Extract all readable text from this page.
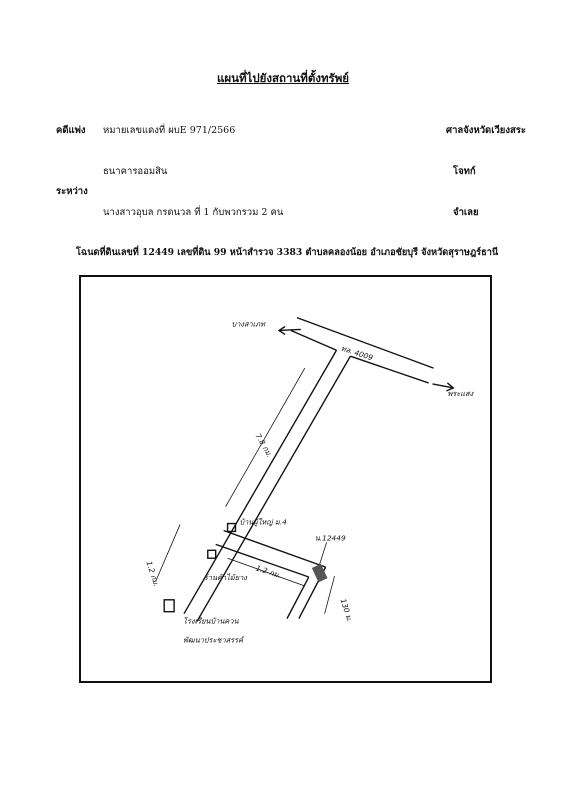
แผนที่ไปยังสถานที่ตั้งทรัพย์
คดีแพ่ง หมายเลขแดงที่ ผบE 971/2566	ศาลจังหวัดเวียงสระ
ธนาคารออมสิน	โจทก์
ระหว่าง
นางสาวอุบล กรดนวล ที่ 1 กับพวกรวม 2 คน	จำเลย
โฉนดที่ดินเลขที่ 12449 เลขที่ดิน 99 หน้าสำรวจ 3383 ตำบลคลองน้อย อำเภอชัยบุรี จังหวัดสุราษฎร์ธานี
บางสาเภท
ทล. 4009
พระแสง
7.8 กม.
1.2 กม.	1.2 กม.
130 ม.
บ้านผู้ใหญ่ ม.4
ร้านค้าไม้ยาง
โรงเรียนบ้านควน
พัฒนาประชาสรรค์
น.12449
